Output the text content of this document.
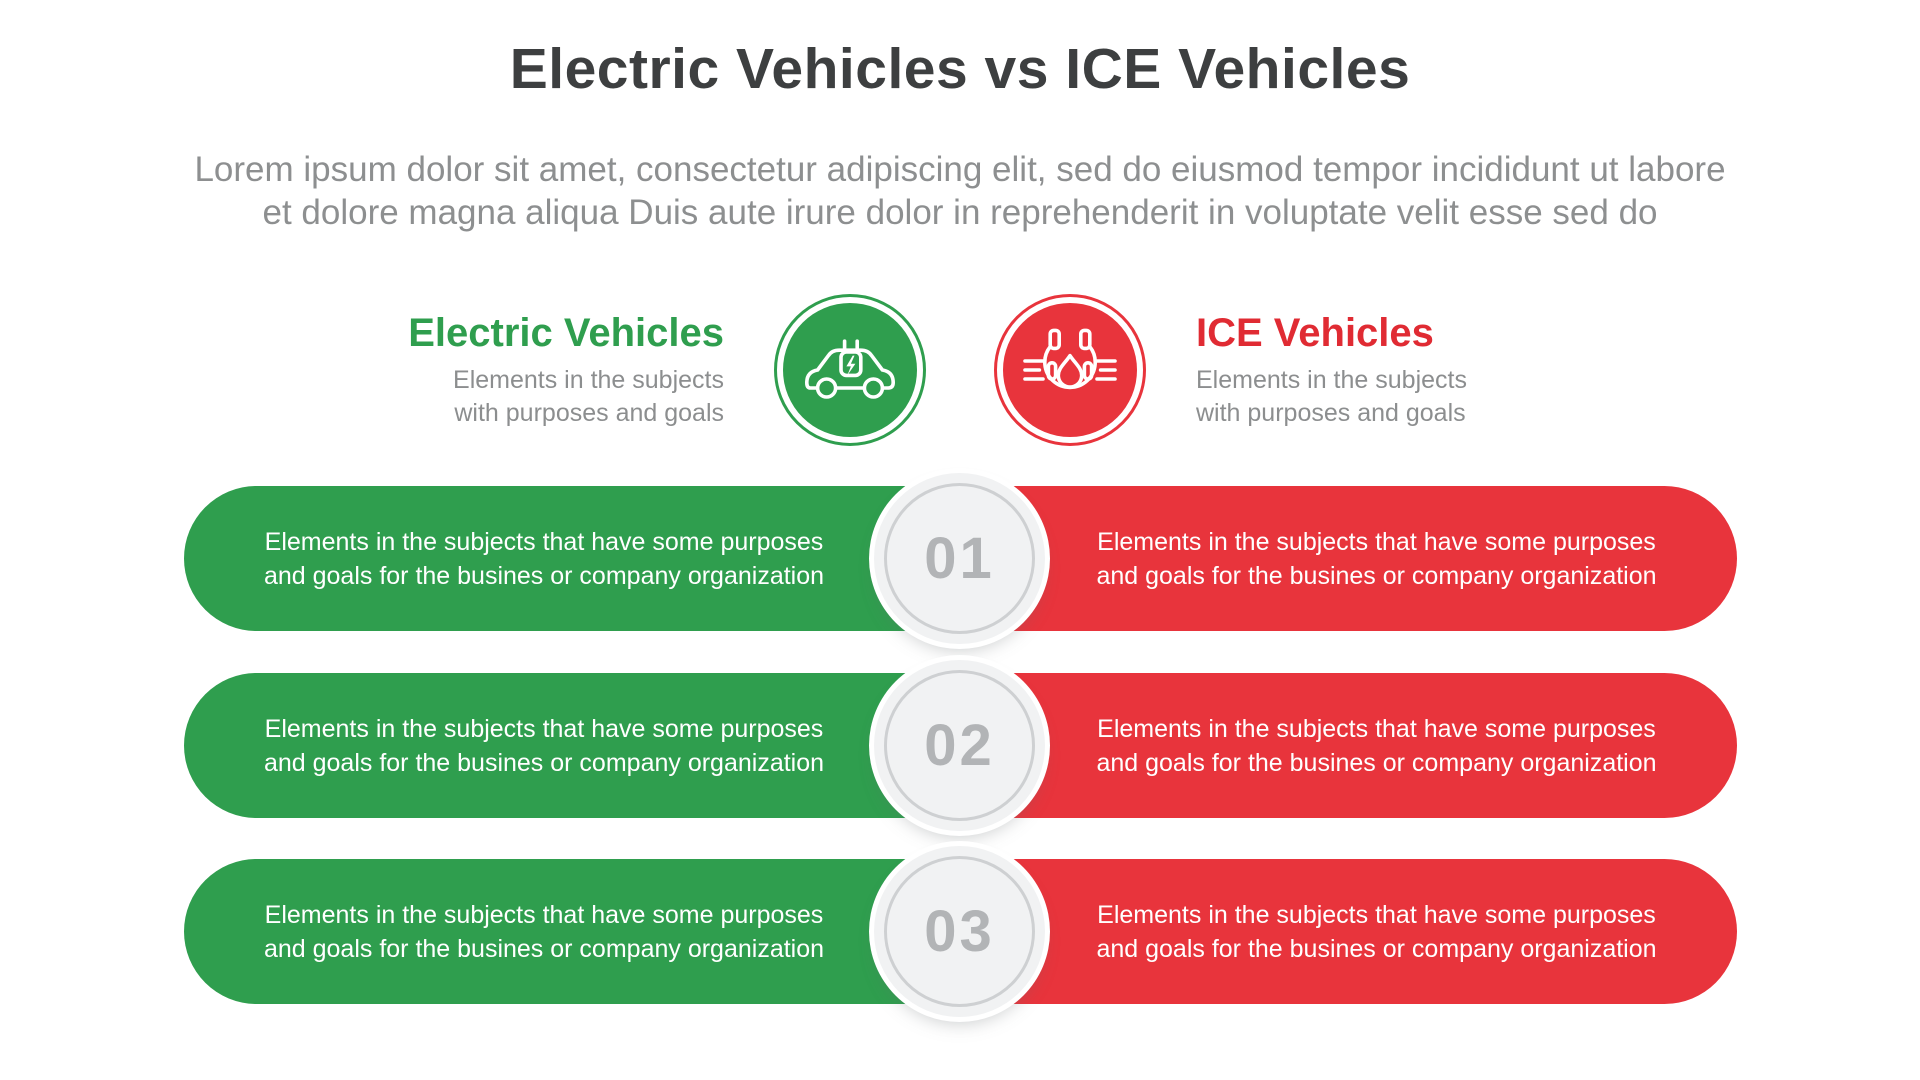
Electric Vehicles vs ICE Vehicles
Lorem ipsum dolor sit amet, consectetur adipiscing elit, sed do eiusmod tempor incididunt ut labore
et dolore magna aliqua Duis aute irure dolor in reprehenderit in voluptate velit esse sed do
Electric Vehicles
Elements in the subjects
with purposes and goals
ICE Vehicles
Elements in the subjects
with purposes and goals
Elements in the subjects that have some purposes
and goals for the busines or company organization
Elements in the subjects that have some purposes
and goals for the busines or company organization
01
Elements in the subjects that have some purposes
and goals for the busines or company organization
Elements in the subjects that have some purposes
and goals for the busines or company organization
02
Elements in the subjects that have some purposes
and goals for the busines or company organization
Elements in the subjects that have some purposes
and goals for the busines or company organization
03
